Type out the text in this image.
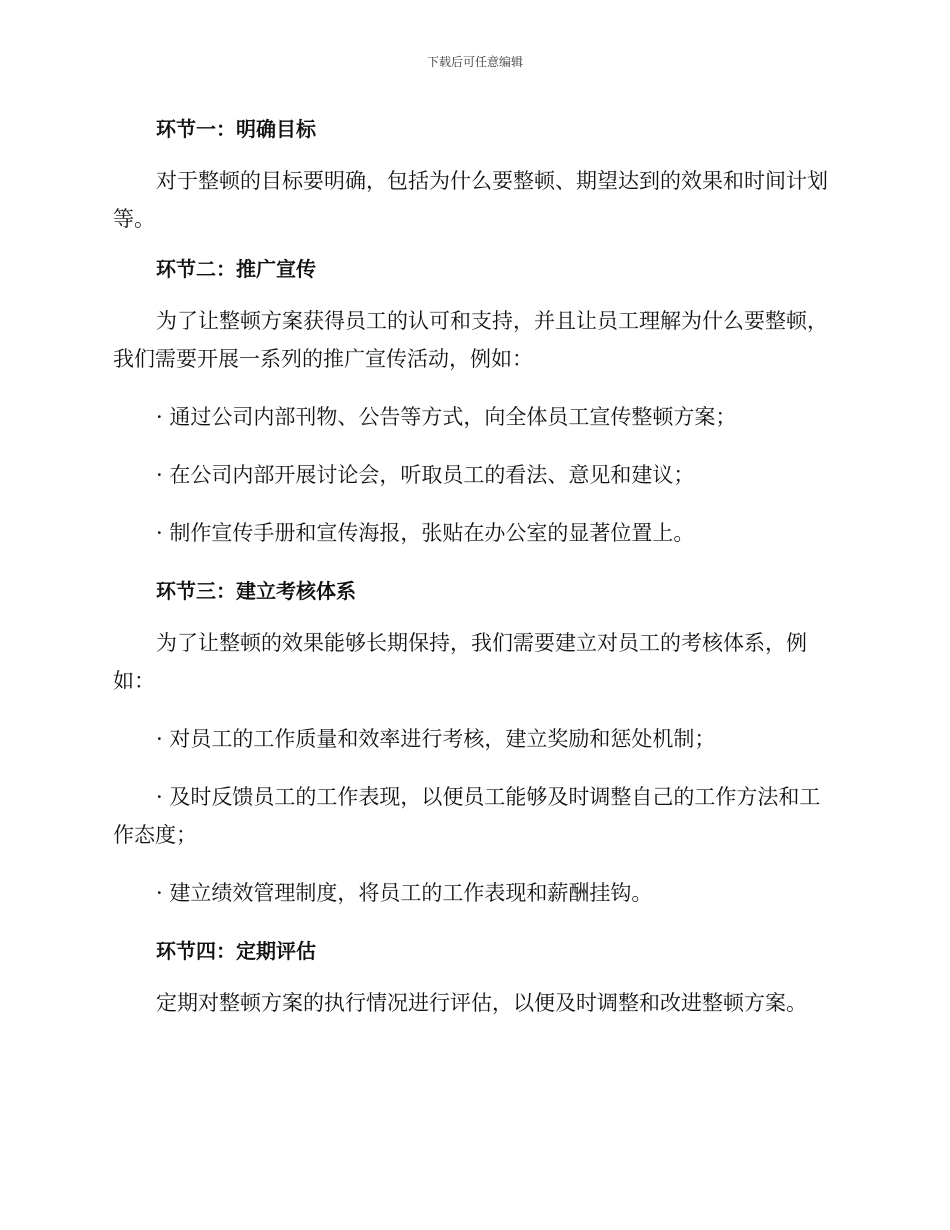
下载后可任意编辑

环节一：明确目标

对于整顿的目标要明确，包括为什么要整顿、期望达到的效果和时间计划等。

环节二：推广宣传

为了让整顿方案获得员工的认可和支持，并且让员工理解为什么要整顿，我们需要开展一系列的推广宣传活动，例如：

· 通过公司内部刊物、公告等方式，向全体员工宣传整顿方案；

· 在公司内部开展讨论会，听取员工的看法、意见和建议；

· 制作宣传手册和宣传海报，张贴在办公室的显著位置上。

环节三：建立考核体系

为了让整顿的效果能够长期保持，我们需要建立对员工的考核体系，例如：

· 对员工的工作质量和效率进行考核，建立奖励和惩处机制；

· 及时反馈员工的工作表现，以便员工能够及时调整自己的工作方法和工作态度；

· 建立绩效管理制度，将员工的工作表现和薪酬挂钩。

环节四：定期评估

定期对整顿方案的执行情况进行评估，以便及时调整和改进整顿方案。
